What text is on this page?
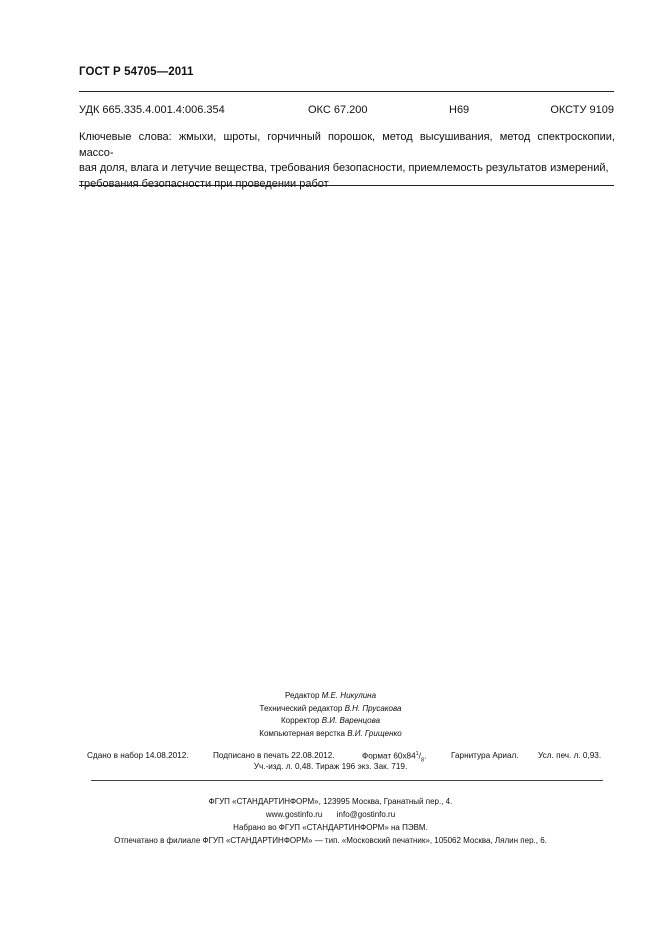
ГОСТ Р 54705—2011
УДК 665.335.4.001.4:006.354	ОКС 67.200	Н69	ОКСТУ 9109
Ключевые слова: жмыхи, шроты, горчичный порошок, метод высушивания, метод спектроскопии, массо-
вая доля, влага и летучие вещества, требования безопасности, приемлемость результатов измерений,
требования безопасности при проведении работ
Редактор М.Е. Никулина
Технический редактор В.Н. Прусакова
Корректор В.И. Варенцова
Компьютерная верстка В.И. Грищенко
Сдано в набор 14.08.2012.	Подписано в печать 22.08.2012.	Формат $60х84^1/_8$.	Гарнитура Ариал. Усл. печ. л. 0,93.
Уч.-изд. л. 0,48. Тираж 196 экз. Зак. 719.
ФГУП «СТАНДАРТИНФОРМ», 123995 Москва, Гранатный пер., 4.
www.gostinfo.ru info@gostinfo.ru
Набрано во ФГУП «СТАНДАРТИНФОРМ» на ПЭВМ.
Отпечатано в филиале ФГУП «СТАНДАРТИНФОРМ» — тип. «Московский печатник», 105062 Москва, Лялин пер., 6.
